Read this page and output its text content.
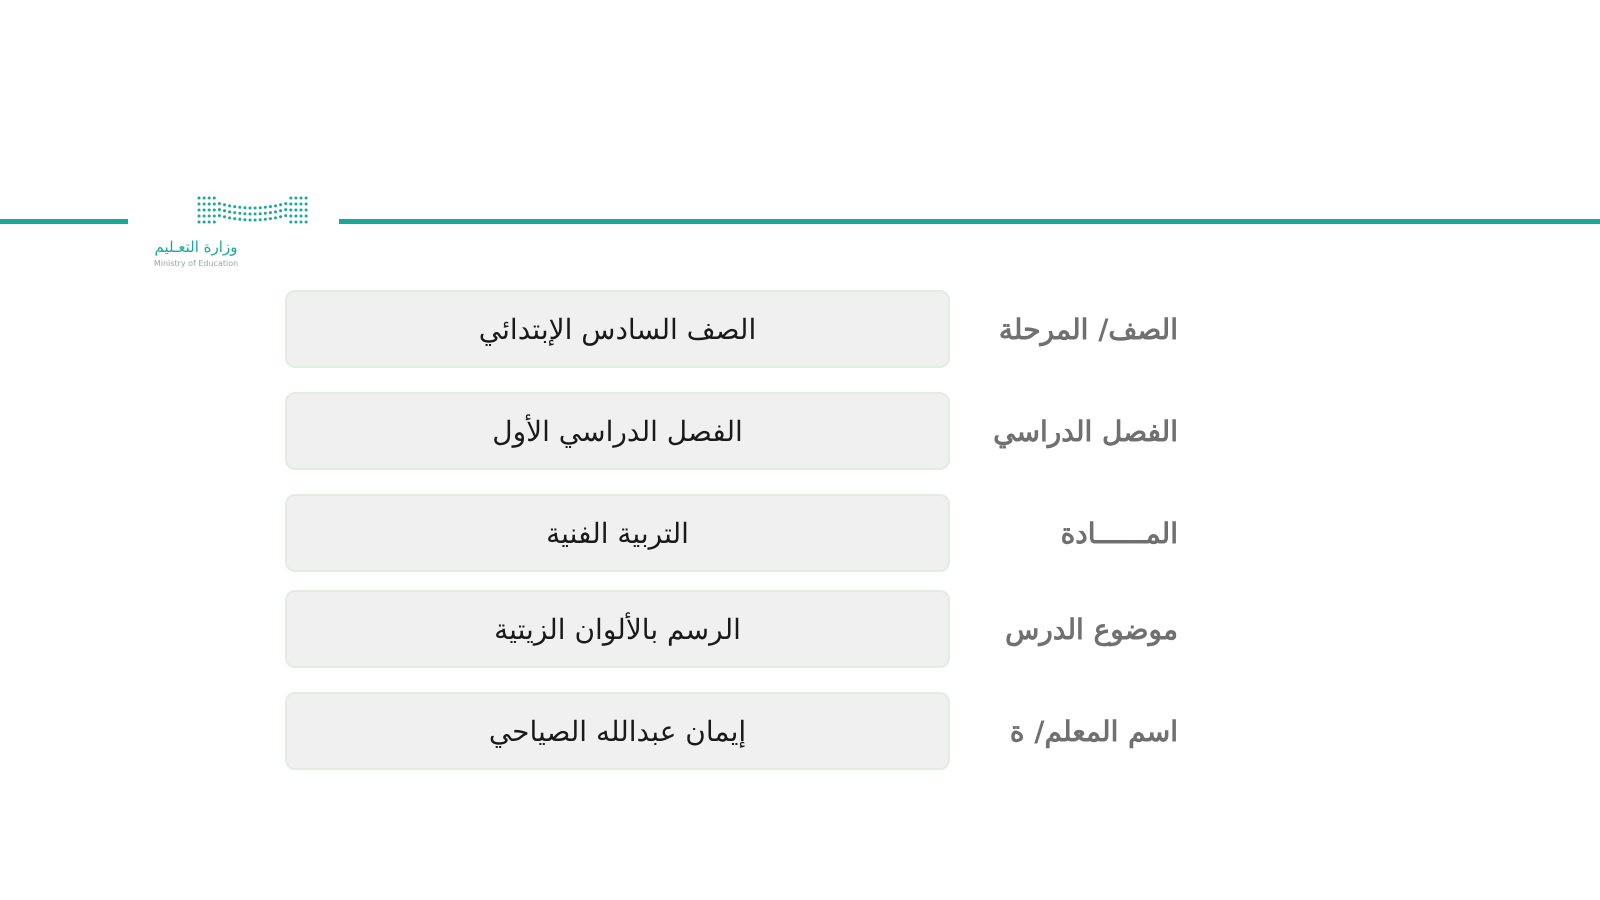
وزارة التعـليم
Ministry of Education
الصف السادس الإبتدائي	الصف/ المرحلة
الفصل الدراسي الأول	الفصل الدراسي
التربية الفنية	المــــــادة
الرسم بالألوان الزيتية	موضوع الدرس
إيمان عبدالله الصياحي	اسم المعلم/ ة
